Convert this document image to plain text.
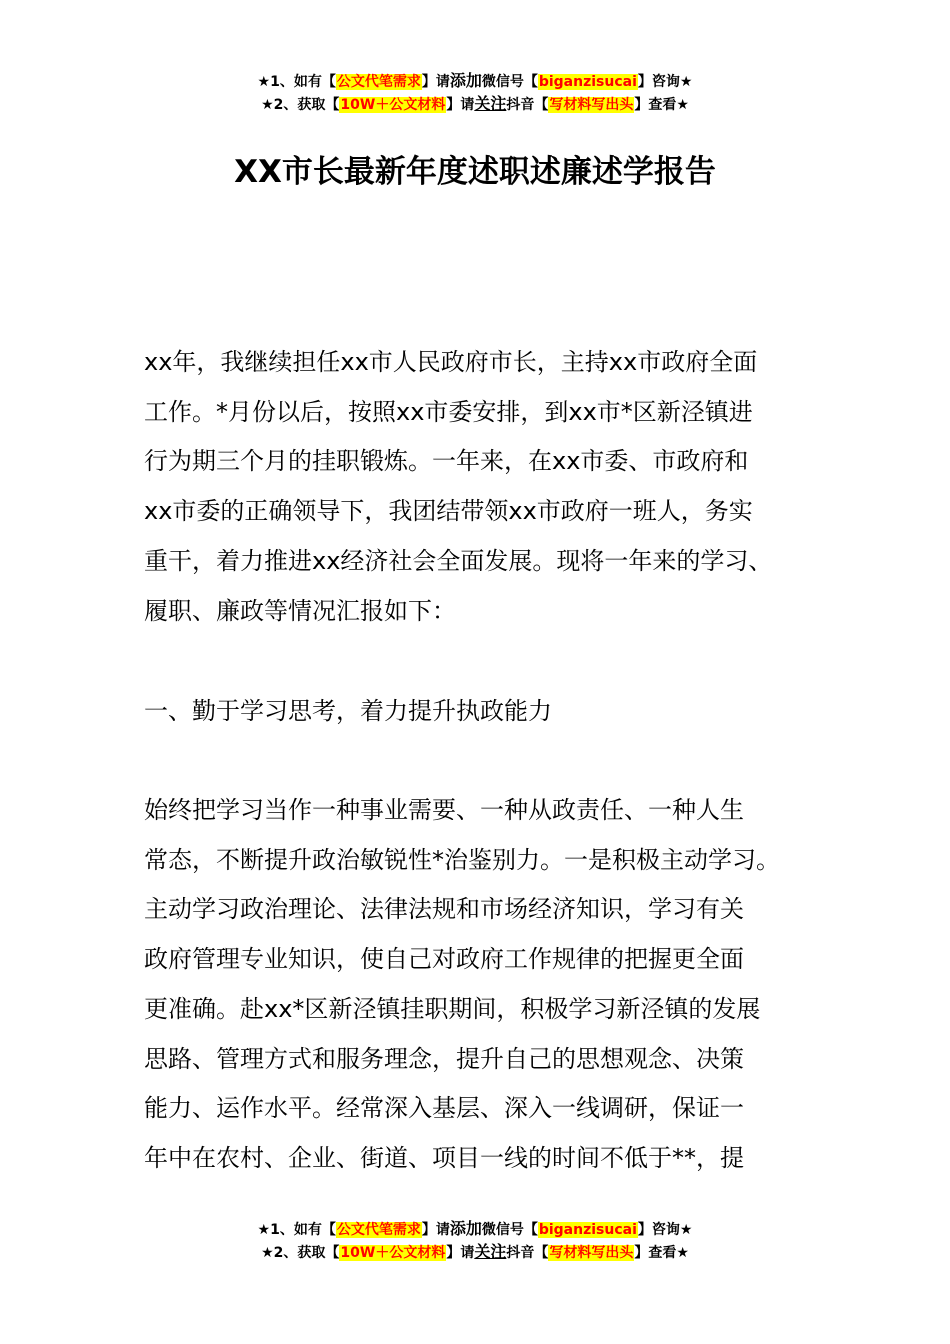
★1、如有【公文代笔需求】请添加微信号【biganzisucai】咨询★
★2、获取【10W＋公文材料】请关注抖音【写材料写出头】查看★
XX市长最新年度述职述廉述学报告
xx年，我继续担任xx市人民政府市长，主持xx市政府全面
工作。*月份以后，按照xx市委安排，到xx市*区新泾镇进
行为期三个月的挂职锻炼。一年来，在xx市委、市政府和
xx市委的正确领导下，我团结带领xx市政府一班人，务实
重干，着力推进xx经济社会全面发展。现将一年来的学习、
履职、廉政等情况汇报如下：
一、勤于学习思考，着力提升执政能力
始终把学习当作一种事业需要、一种从政责任、一种人生
常态，不断提升政治敏锐性*治鉴别力。一是积极主动学习。
主动学习政治理论、法律法规和市场经济知识，学习有关
政府管理专业知识，使自己对政府工作规律的把握更全面
更准确。赴xx*区新泾镇挂职期间，积极学习新泾镇的发展
思路、管理方式和服务理念，提升自己的思想观念、决策
能力、运作水平。经常深入基层、深入一线调研，保证一
年中在农村、企业、街道、项目一线的时间不低于**，提
★1、如有【公文代笔需求】请添加微信号【biganzisucai】咨询★
★2、获取【10W＋公文材料】请关注抖音【写材料写出头】查看★
